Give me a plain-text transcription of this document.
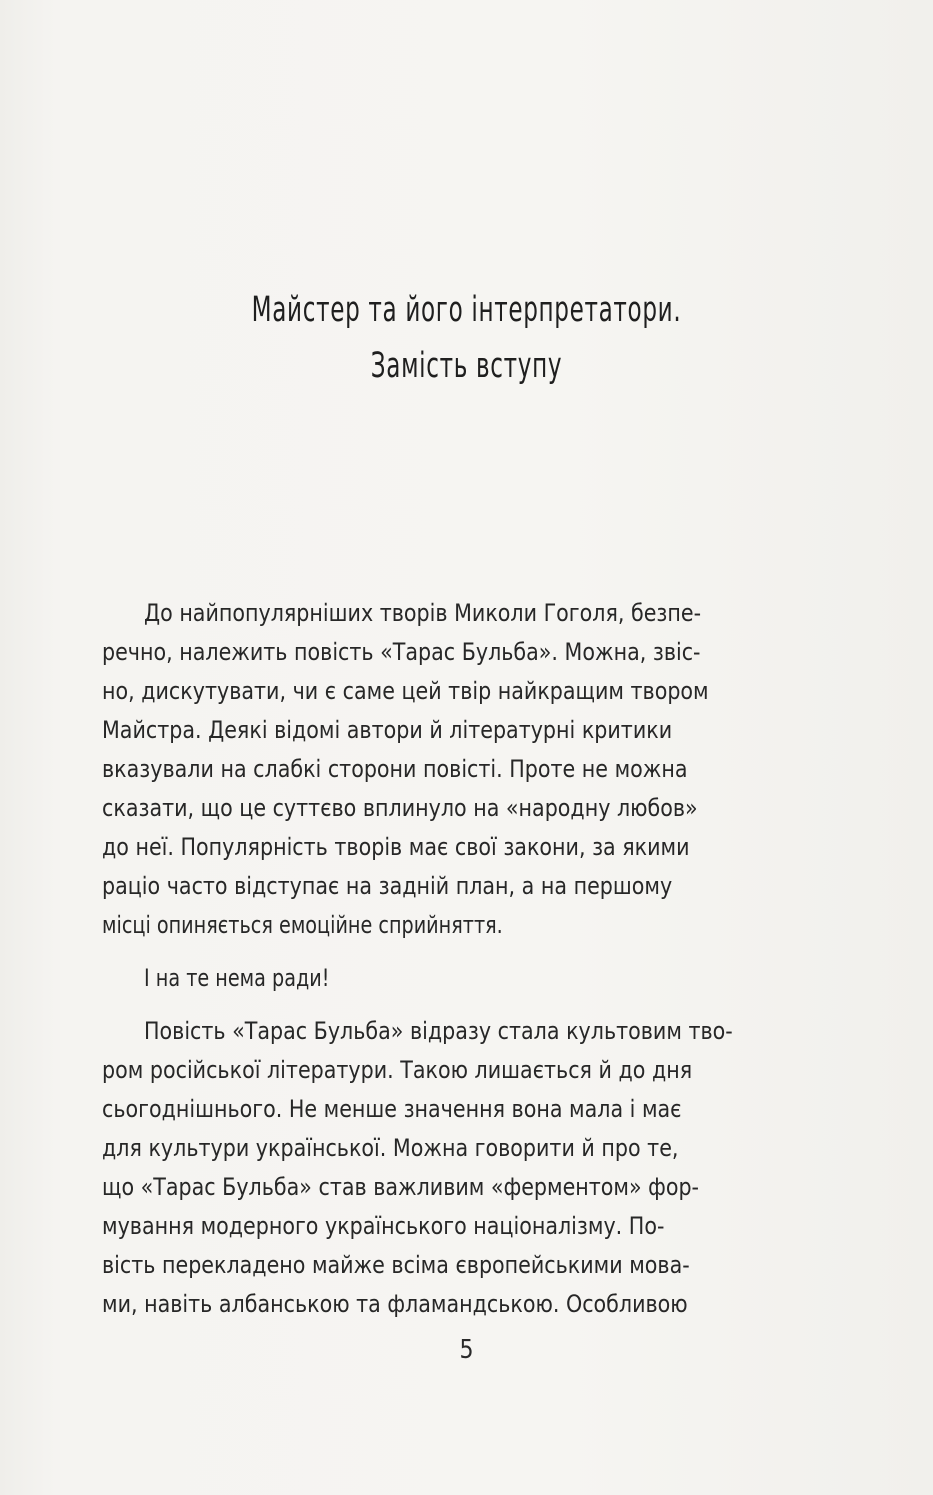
Майстер та його інтерпретатори.
Замість вступу
До найпопулярніших творів Миколи Гоголя, безпе-
речно, належить повість «Тарас Бульба». Можна, звіс-
но, дискутувати, чи є саме цей твір найкращим твором
Майстра. Деякі відомі автори й літературні критики
вказували на слабкі сторони повісті. Проте не можна
сказати, що це суттєво вплинуло на «народну любов»
до неї. Популярність творів має свої закони, за якими
раціо часто відступає на задній план, а на першому
місці опиняється емоційне сприйняття.
І на те нема ради!
Повість «Тарас Бульба» відразу стала культовим тво-
ром російської літератури. Такою лишається й до дня
сьогоднішнього. Не менше значення вона мала і має
для культури української. Можна говорити й про те,
що «Тарас Бульба» став важливим «ферментом» фор-
мування модерного українського націоналізму. По-
вість перекладено майже всіма європейськими мова-
ми, навіть албанською та фламандською. Особливою
5
